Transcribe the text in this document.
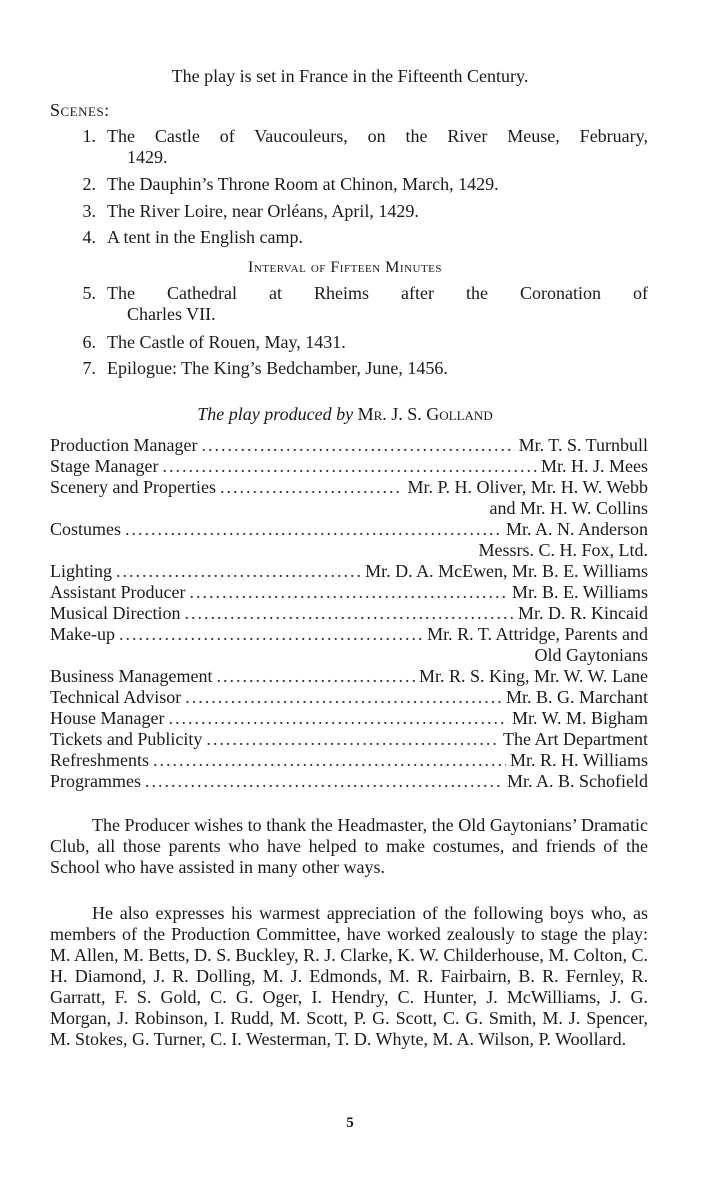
The play is set in France in the Fifteenth Century.
Scenes:
1. The Castle of Vaucouleurs, on the River Meuse, February,
1429.
2. The Dauphin’s Throne Room at Chinon, March, 1429.
3. The River Loire, near Orléans, April, 1429.
4. A tent in the English camp.
Interval of Fifteen Minutes
5. The Cathedral at Rheims after the Coronation of
Charles VII.
6. The Castle of Rouen, May, 1431.
7. Epilogue: The King’s Bedchamber, June, 1456.
The play produced by Mr. J. S. Golland
Production Manager .....	Mr. T. S. Turnbull
Stage Manager .....	Mr. H. J. Mees
Scenery and Properties .....	Mr. P. H. Oliver, Mr. H. W. Webb
and Mr. H. W. Collins
Costumes .....	Mr. A. N. Anderson
Messrs. C. H. Fox, Ltd.
Lighting .....	Mr. D. A. McEwen, Mr. B. E. Williams
Assistant Producer .....	Mr. B. E. Williams
Musical Direction .....	Mr. D. R. Kincaid
Make-up .....	Mr. R. T. Attridge, Parents and
Old Gaytonians
Business Management .....	Mr. R. S. King, Mr. W. W. Lane
Technical Advisor .....	Mr. B. G. Marchant
House Manager .....	Mr. W. M. Bigham
Tickets and Publicity .....	The Art Department
Refreshments .....	Mr. R. H. Williams
Programmes .....	Mr. A. B. Schofield
The Producer wishes to thank the Headmaster, the Old Gaytonians’ Dramatic Club, all those parents who have helped to make costumes, and friends of the School who have assisted in many other ways.
He also expresses his warmest appreciation of the following boys who, as members of the Production Committee, have worked zealously to stage the play: M. Allen, M. Betts, D. S. Buckley, R. J. Clarke, K. W. Childerhouse, M. Colton, C. H. Diamond, J. R. Dolling, M. J. Edmonds, M. R. Fairbairn, B. R. Fernley, R. Garratt, F. S. Gold, C. G. Oger, I. Hendry, C. Hunter, J. McWilliams, J. G. Morgan, J. Robinson, I. Rudd, M. Scott, P. G. Scott, C. G. Smith, M. J. Spencer, M. Stokes, G. Turner, C. I. Westerman, T. D. Whyte, M. A. Wilson, P. Woollard.
5
